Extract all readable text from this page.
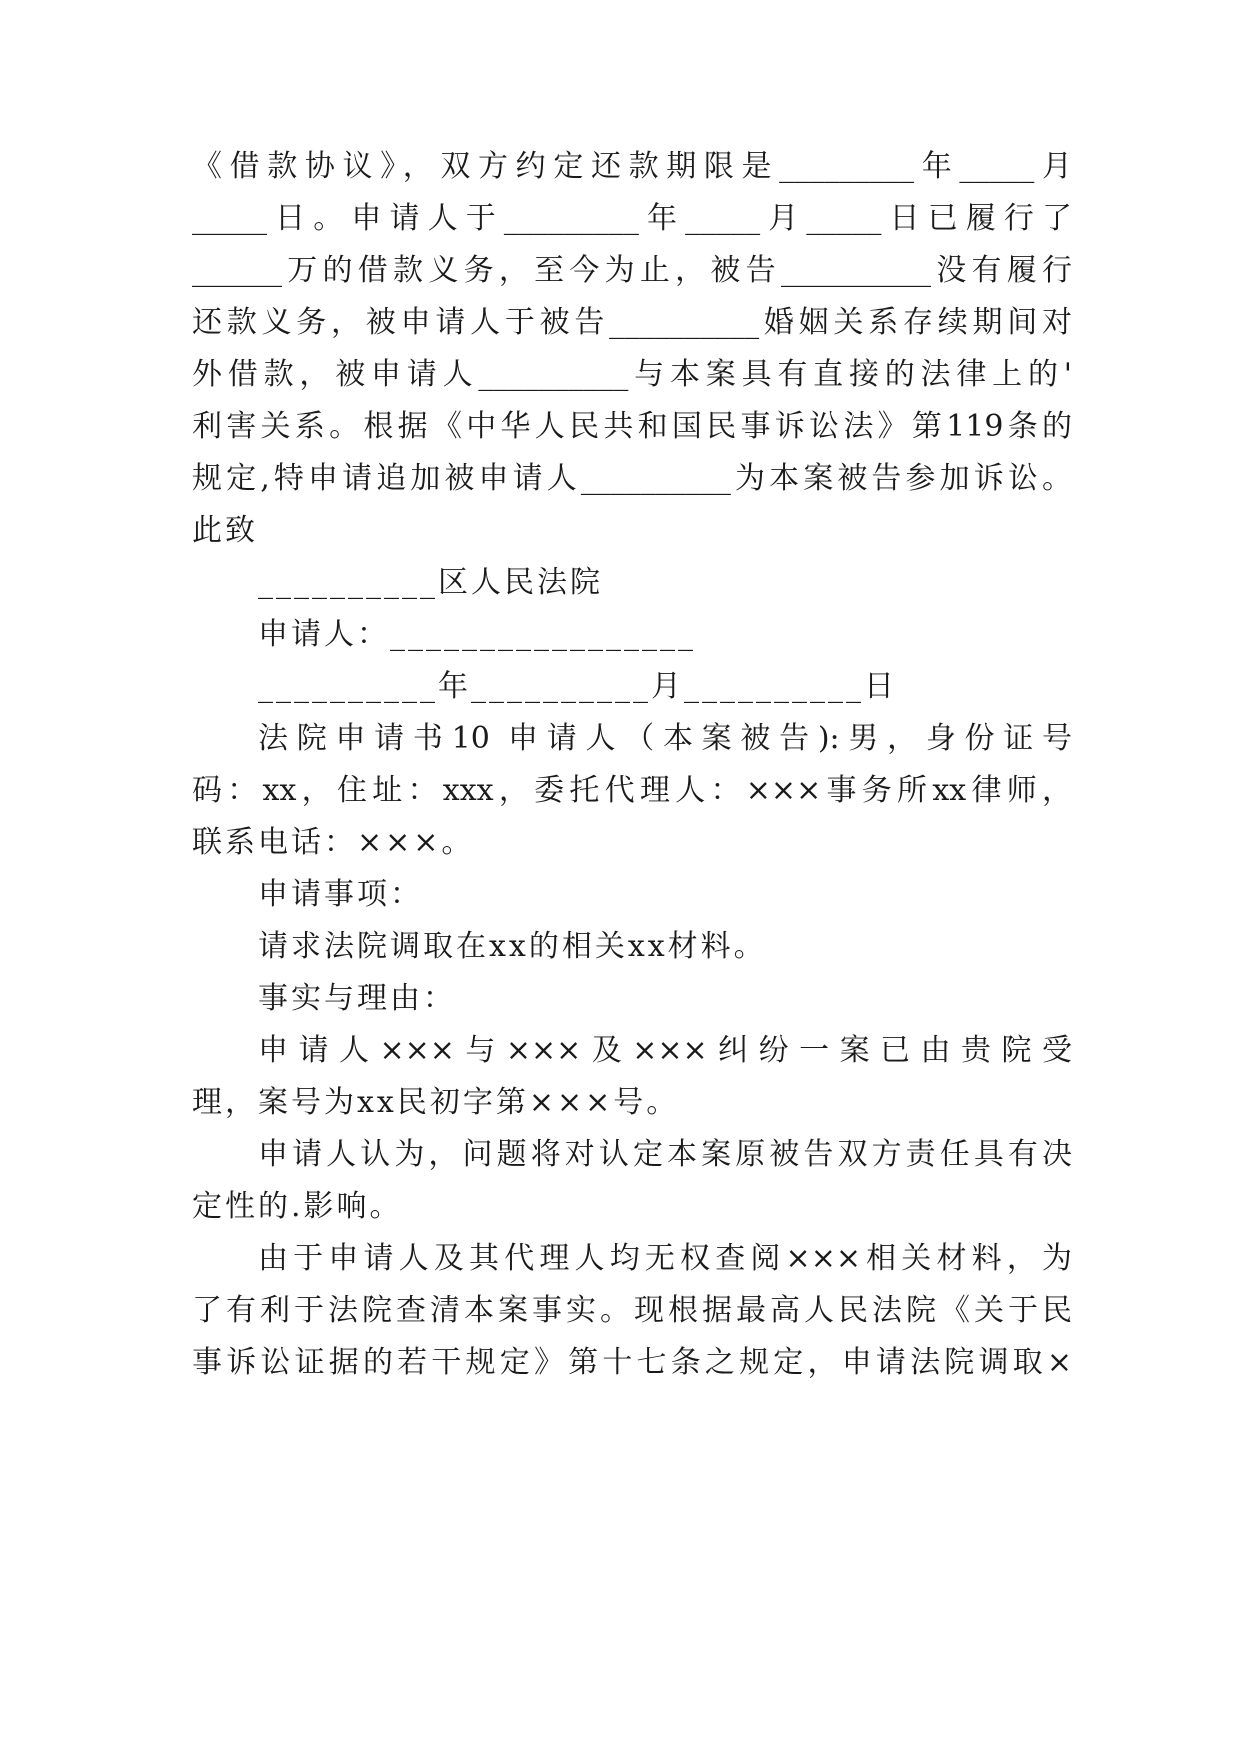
《借款协议》，双方约定还款期限是_________年_____月
_____日。申请人于_________年_____月_____日已履行了
______万的借款义务，至今为止，被告__________没有履行
还款义务，被申请人于被告__________婚姻关系存续期间对
外借款，被申请人__________与本案具有直接的法律上的'
利害关系。根据《中华人民共和国民事诉讼法》第119条的
规定,特申请追加被申请人__________为本案被告参加诉讼。
此致
__________区人民法院
申请人：_________________
__________年__________月__________日
法院申请书10 申请人（本案被告):男，身份证号
码：xx，住址：xxx，委托代理人：×××事务所xx律师，
联系电话：×××。
申请事项：
请求法院调取在xx的相关xx材料。
事实与理由：
申请人×××与×××及×××纠纷一案已由贵院受
理，案号为xx民初字第×××号。
申请人认为，问题将对认定本案原被告双方责任具有决
定性的.影响。
由于申请人及其代理人均无权查阅×××相关材料，为
了有利于法院查清本案事实。现根据最高人民法院《关于民
事诉讼证据的若干规定》第十七条之规定，申请法院调取×
